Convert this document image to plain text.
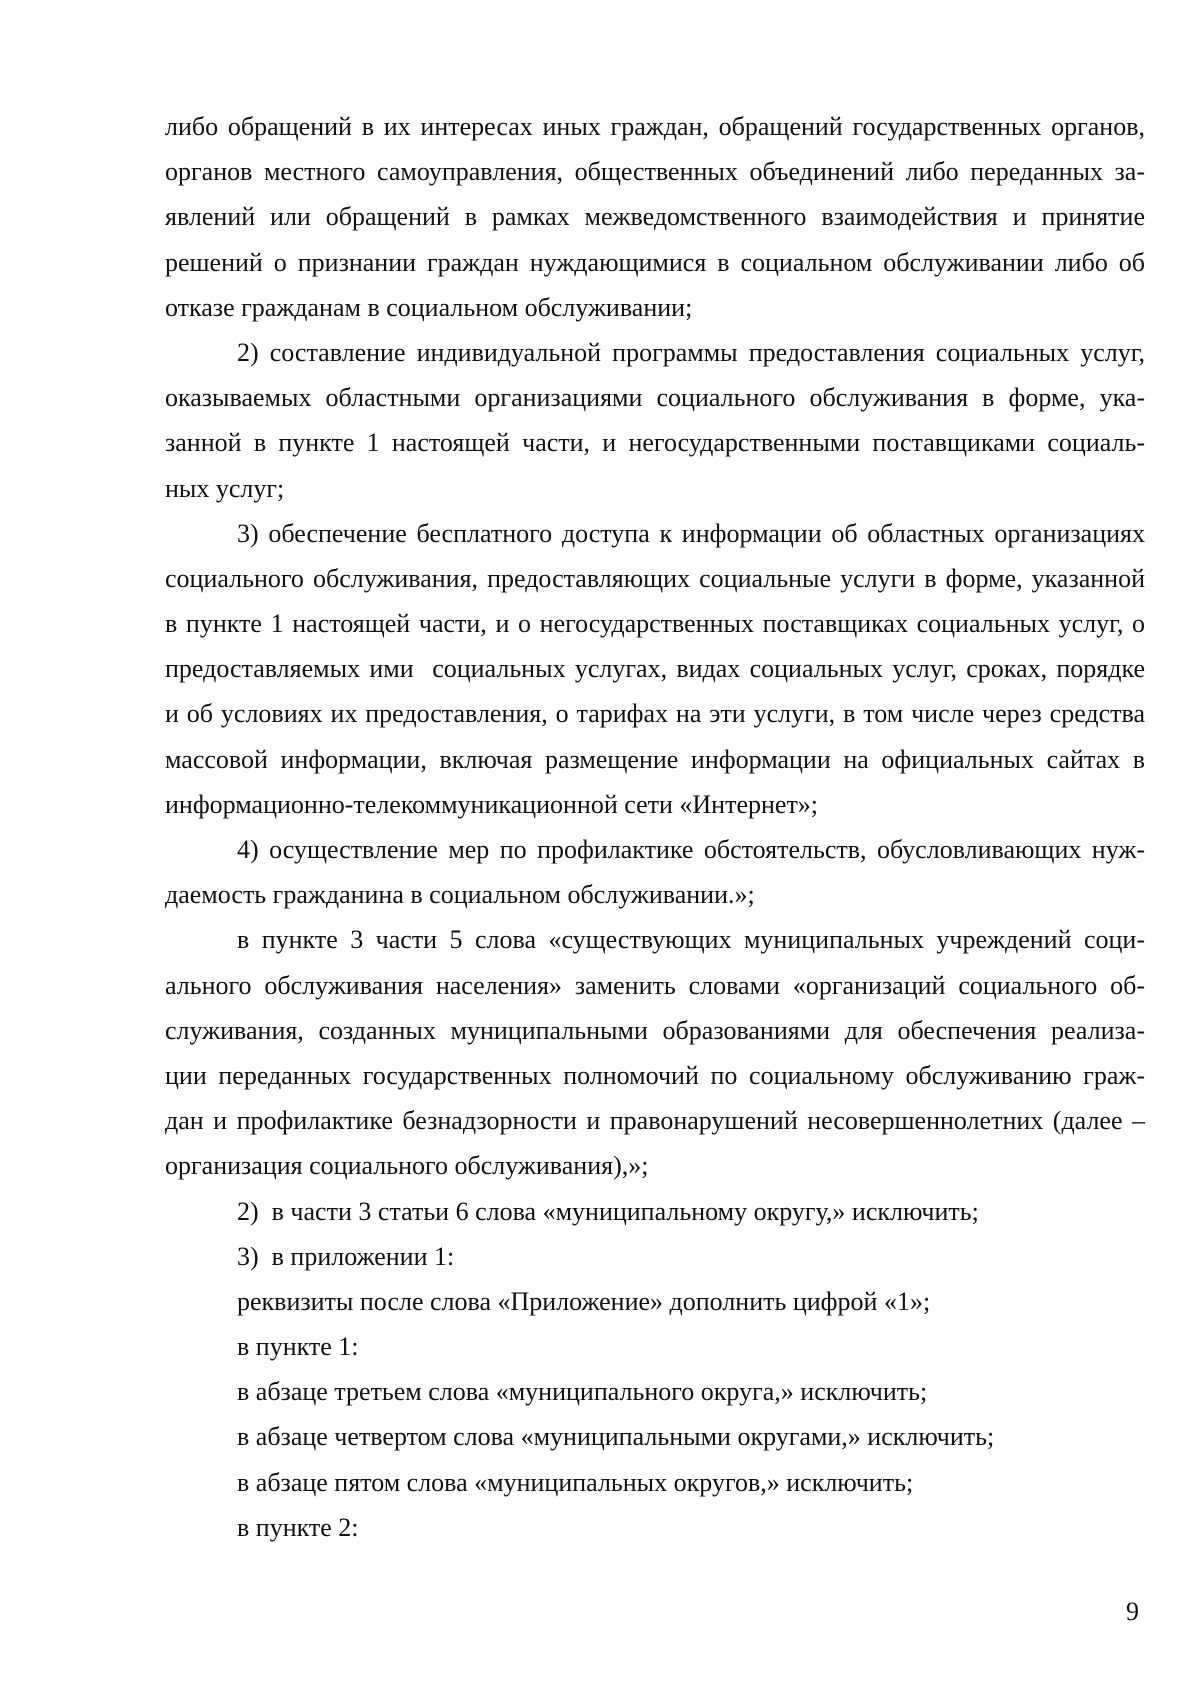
либо обращений в их интересах иных граждан, обращений государственных органов,
органов местного самоуправления, общественных объединений либо переданных за-
явлений или обращений в рамках межведомственного взаимодействия и принятие
решений о признании граждан нуждающимися в социальном обслуживании либо об
отказе гражданам в социальном обслуживании;
2) составление индивидуальной программы предоставления социальных услуг,
оказываемых областными организациями социального обслуживания в форме, ука-
занной в пункте 1 настоящей части, и негосударственными поставщиками социаль-
ных услуг;
3) обеспечение бесплатного доступа к информации об областных организациях
социального обслуживания, предоставляющих социальные услуги в форме, указанной
в пункте 1 настоящей части, и о негосударственных поставщиках социальных услуг, о
предоставляемых ими  социальных услугах, видах социальных услуг, сроках, порядке
и об условиях их предоставления, о тарифах на эти услуги, в том числе через средства
массовой информации, включая размещение информации на официальных сайтах в
информационно-телекоммуникационной сети «Интернет»;
4) осуществление мер по профилактике обстоятельств, обусловливающих нуж-
даемость гражданина в социальном обслуживании.»;
в пункте 3 части 5 слова «существующих муниципальных учреждений соци-
ального обслуживания населения» заменить словами «организаций социального об-
служивания, созданных муниципальными образованиями для обеспечения реализа-
ции переданных государственных полномочий по социальному обслуживанию граж-
дан и профилактике безнадзорности и правонарушений несовершеннолетних (далее –
организация социального обслуживания),»;
2)  в части 3 статьи 6 слова «муниципальному округу,» исключить;
3)  в приложении 1:
реквизиты после слова «Приложение» дополнить цифрой «1»;
в пункте 1:
в абзаце третьем слова «муниципального округа,» исключить;
в абзаце четвертом слова «муниципальными округами,» исключить;
в абзаце пятом слова «муниципальных округов,» исключить;
в пункте 2:
9
